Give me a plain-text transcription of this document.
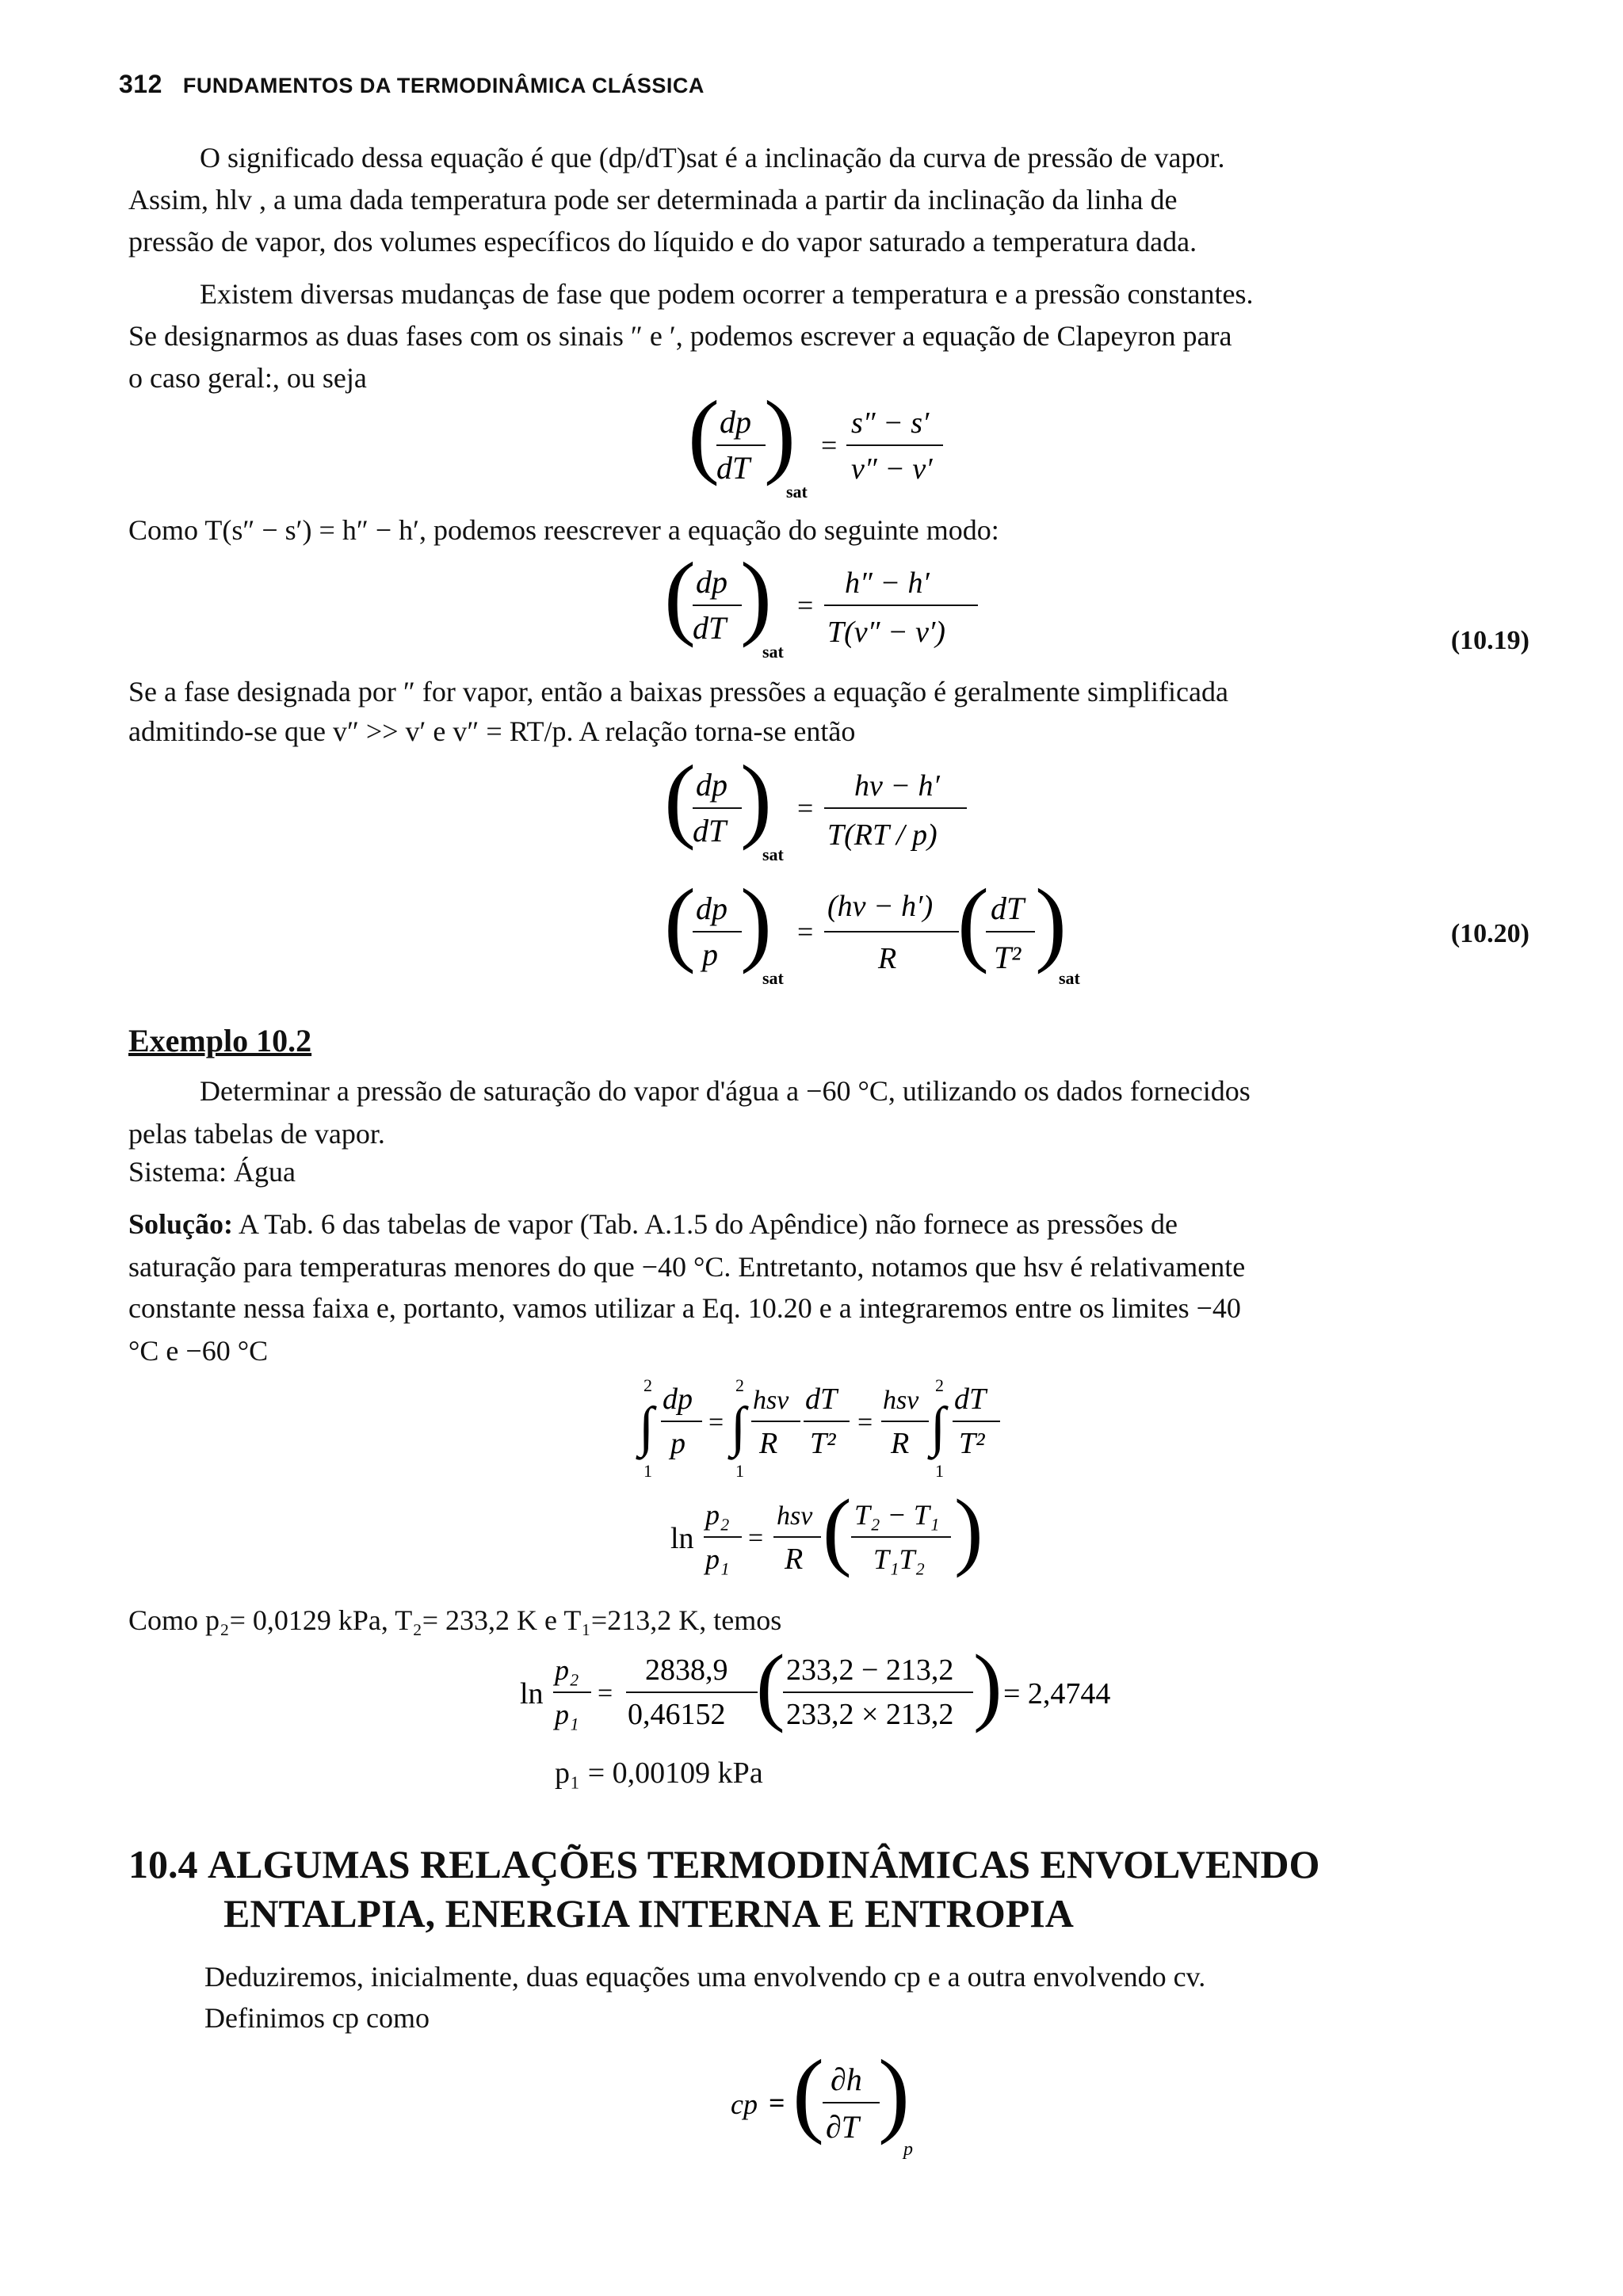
312 FUNDAMENTOS DA TERMODINÂMICA CLÁSSICA
O significado dessa equação é que (dp/dT)sat é a inclinação da curva de pressão de vapor.
Assim, hlv , a uma dada temperatura pode ser determinada a partir da inclinação da linha de
pressão de vapor, dos volumes específicos do líquido e do vapor saturado a temperatura dada.
Existem diversas mudanças de fase que podem ocorrer a temperatura e a pressão constantes.
Se designarmos as duas fases com os sinais ″ e ′, podemos escrever a equação de Clapeyron para
o caso geral:, ou seja
( dp
dT )
sat
=
s″ − s′
v″ − v′
Como T(s″ − s′) = h″ − h′, podemos reescrever a equação do seguinte modo:
( dp
dT )
sat
=
h″ − h′
T(v″ − v′)	(10.19)
Se a fase designada por ″ for vapor, então a baixas pressões a equação é geralmente simplificada
admitindo-se que v″ >> v′ e v″ = RT/p. A relação torna-se então
( dp
dT )
sat
=
hv − h′
T(RT / p)
( dp
p )
sat
=
(hv − h′)
R ( dT
T² )
sat
(10.20)
Exemplo 10.2
Determinar a pressão de saturação do vapor d'água a −60 °C, utilizando os dados fornecidos
pelas tabelas de vapor.
Sistema: Água
Solução: A Tab. 6 das tabelas de vapor (Tab. A.1.5 do Apêndice) não fornece as pressões de
saturação para temperaturas menores do que −40 °C. Entretanto, notamos que hsv é relativamente
constante nessa faixa e, portanto, vamos utilizar a Eq. 10.20 e a integraremos entre os limites −40
°C e −60 °C
∫
2
1
dp
p
= ∫
2
1
hsv
R
dT
T²
=
hsv
R ∫
2
1
dT
T²
ln
p₂
p₁
=
hsv
R ( T₂ − T₁
T₁T₂ )
Como p₂= 0,0129 kPa, T₂= 233,2 K e T₁=213,2 K, temos
ln
p₂
p₁
=
2838,9
0,46152 ( 233,2 − 213,2
233,2 × 213,2 ) = 2,4744
p₁ = 0,00109 kPa
10.4 ALGUMAS RELAÇÕES TERMODINÂMICAS ENVOLVENDO
ENTALPIA, ENERGIA INTERNA E ENTROPIA
Deduziremos, inicialmente, duas equações uma envolvendo cp e a outra envolvendo cv.
Definimos cp como
cp = ( ∂h
∂T )
p
